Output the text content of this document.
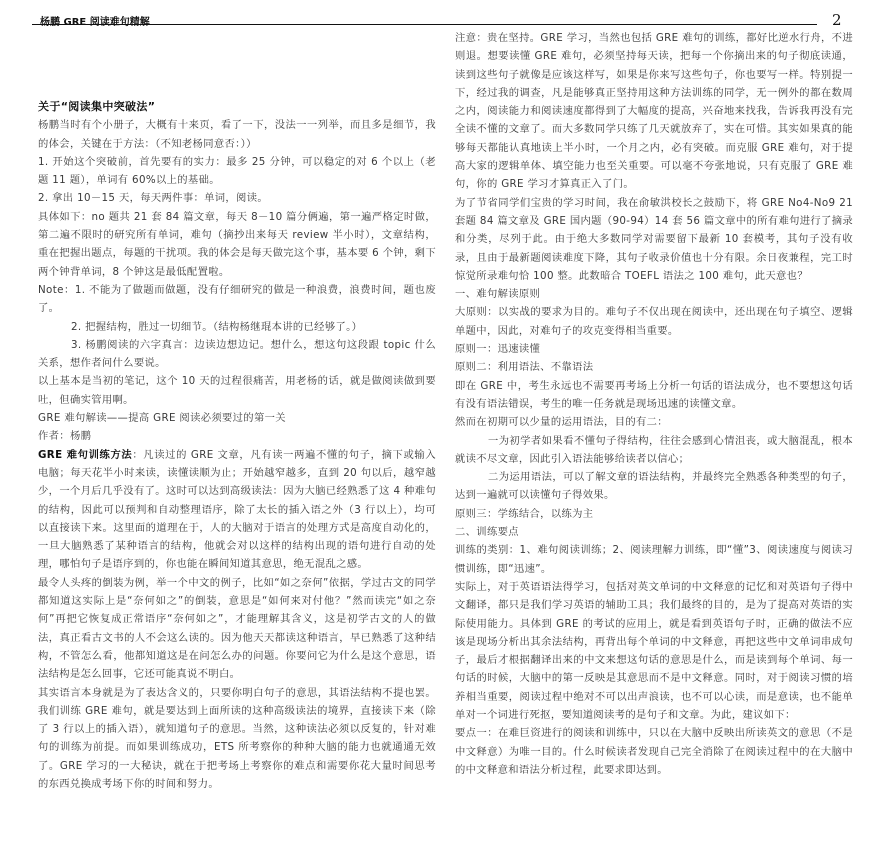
杨鹏 GRE 阅读难句精解	2

关于“阅读集中突破法”

杨鹏当时有个小册子，大概有十来页，看了一下，没法一一列举，而且多是细节，我的体会，关键在于方法：（不知老杨同意否：））

1. 开始这个突破前，首先要有的实力：最多 25 分钟，可以稳定的对 6 个以上（老题 11 题），单词有 60%以上的基础。

2. 拿出 10－15 天，每天两件事：单词，阅读。

具体如下：no 题共 21 套 84 篇文章，每天 8－10 篇分俩遍，第一遍严格定时做，第二遍不限时的研究所有单词，难句（摘抄出来每天 review 半小时），文章结构，重在把握出题点，每题的干扰项。我的体会是每天做完这个事，基本要 6 个钟，剩下两个钟背单词，8 个钟这是最低配置啦。

Note：1. 不能为了做题而做题，没有仔细研究的做是一种浪费，浪费时间，题也废了。

2. 把握结构，胜过一切细节。（结构杨继琨本讲的已经够了。）

3. 杨鹏阅读的六字真言：边读边想边记。想什么，想这句这段跟 topic 什么关系，想作者问什么要说。

以上基本是当初的笔记，这个 10 天的过程很痛苦，用老杨的话，就是做阅读做到要吐，但确实管用啊。

GRE 难句解读——提高 GRE 阅读必须要过的第一关

作者：杨鹏

GRE 难句训练方法：凡读过的 GRE 文章，凡有读一两遍不懂的句子，摘下或输入电脑；每天花半小时来读，读懂读顺为止；开始越窄越多，直到 20 句以后，越窄越少，一个月后几乎没有了。这时可以达到高级读法：因为大脑已经熟悉了这 4 种难句的结构，因此可以预判和自动整理语序，除了太长的插入语之外（3 行以上），均可以直接读下来。这里面的道理在于，人的大脑对于语言的处理方式是高度自动化的，一旦大脑熟悉了某种语言的结构，他就会对以这样的结构出现的语句进行自动的处理，哪怕句子是语序到的，你也能在瞬间知道其意思，绝无混乱之感。

最令人头疼的倒装为例，举一个中文的例子，比如“如之奈何”依据，学过古文的同学都知道这实际上是“奈何如之”的倒装，意思是“如何来对付他？”然而读完“如之奈何”再把它恢复成正常语序“奈何如之”，才能理解其含义，这是初学古文的人的做法，真正看古文书的人不会这么读的。因为他天天都读这种语言，早已熟悉了这种结构，不管怎么看，他都知道这是在问怎么办的问题。你要问它为什么是这个意思，语法结构是怎么回事，它还可能真说不明白。

其实语言本身就是为了表达含义的，只要你明白句子的意思，其语法结构不提也罢。我们训练 GRE 难句，就是要达到上面所读的这种高级读法的境界，直接读下来（除了 3 行以上的插入语），就知道句子的意思。当然，这种读法必须以反复的，针对难句的训练为前提。而如果训练成功，ETS 所考察你的种种大脑的能力也就通通无效了。GRE 学习的一大秘诀，就在于把考场上考察你的难点和需要你花大量时间思考的东西兑换成考场下你的时间和努力。

注意：贵在坚持。GRE 学习，当然也包括 GRE 难句的训练，都好比逆水行舟，不进则退。想要读懂 GRE 难句，必须坚持每天读，把每一个你摘出来的句子彻底读通，读到这些句子就像是应该这样写，如果是你来写这些句子，你也要写一样。特别提一下，经过我的调查，凡是能够真正坚持用这种方法训练的同学，无一例外的都在数周之内，阅读能力和阅读速度都得到了大幅度的提高，兴奋地来找我，告诉我再没有完全读不懂的文章了。而大多数同学只练了几天就放弃了，实在可惜。其实如果真的能够每天都能认真地读上半小时，一个月之内，必有突破。而克服 GRE 难句，对于提高大家的逻辑单体、填空能力也至关重要。可以毫不夸张地说，只有克服了 GRE 难句，你的 GRE 学习才算真正入了门。

为了节省同学们宝贵的学习时间，我在俞敏洪校长之鼓励下，将 GRE No4-No9 21 套题 84 篇文章及 GRE 国内题（90-94）14 套 56 篇文章中的所有难句进行了摘录和分类，尽列于此。由于绝大多数同学对需要留下最新 10 套模考，其句子没有收录，且由于最新题阅读难度下降，其句子收录价值也十分有限。余日夜兼程，完工时惊觉所录难句恰 100 整。此数暗合 TOEFL 语法之 100 难句，此天意也？

一、难句解读原则

大原则：以实战的要求为目的。难句子不仅出现在阅读中，还出现在句子填空、逻辑单题中，因此，对难句子的攻克变得相当重要。

原则一：迅速读懂

原则二：利用语法、不靠语法

即在 GRE 中，考生永远也不需要再考场上分析一句话的语法成分，也不要想这句话有没有语法错误，考生的唯一任务就是现场迅速的读懂文章。

然而在初期可以少量的运用语法，目的有二：

一为初学者如果看不懂句子得结构，往往会感到心情沮丧，或大脑混乱，根本就读不尽文章，因此引入语法能够给读者以信心；

二为运用语法，可以了解文章的语法结构，并最终完全熟悉各种类型的句子，达到一遍就可以读懂句子得效果。

原则三：学练结合，以练为主

二、训练要点

训练的类别：1、难句阅读训练；2、阅读理解力训练，即“懂”3、阅读速度与阅读习惯训练，即“迅速”。

实际上，对于英语语法得学习，包括对英文单词的中文释意的记忆和对英语句子得中文翻译，都只是我们学习英语的辅助工具；我们最终的目的，是为了提高对英语的实际使用能力。具体到 GRE 的考试的应用上，就是看到英语句子时，正确的做法不应该是现场分析出其余法结构，再背出每个单词的中文释意，再把这些中文单词串成句子，最后才根据翻译出来的中文来想这句话的意思是什么，而是读到每个单词、每一句话的时候，大脑中的第一反映是其意思而不是中文释意。同时，对于阅读习惯的培养相当重要，阅读过程中绝对不可以出声浪读，也不可以心读，而是意读，也不能单单对一个词进行死抠，要知道阅读考的是句子和文章。为此，建议如下：

要点一：在难巨资进行的阅读和训练中，只以在大脑中反映出所读英文的意思（不是中文释意）为唯一目的。什么时候读者发现自己完全消除了在阅读过程中的在大脑中的中文释意和语法分析过程，此要求即达到。
